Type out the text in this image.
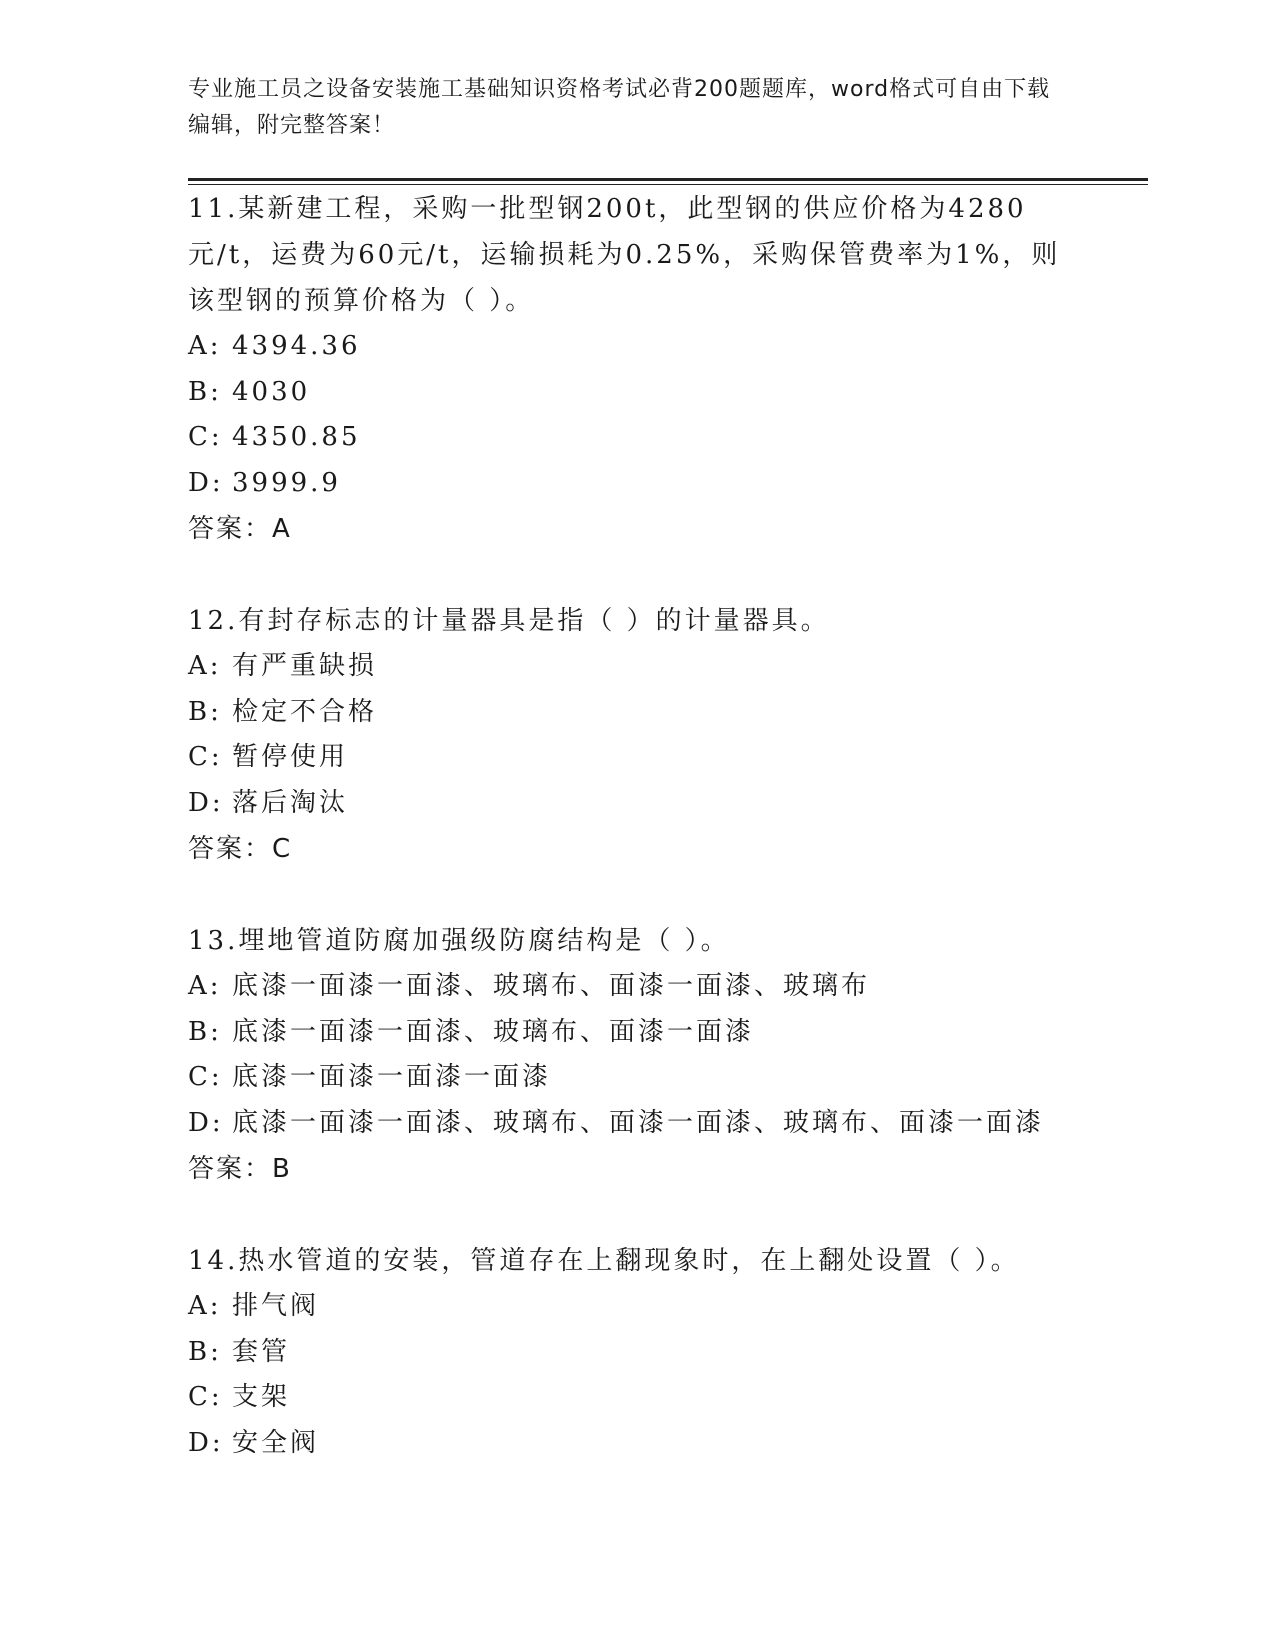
专业施工员之设备安装施工基础知识资格考试必背200题题库，word格式可自由下载编辑，附完整答案！
11.某新建工程，采购一批型钢200t，此型钢的供应价格为4280元/t，运费为60元/t，运输损耗为0.25%，采购保管费率为1%，则该型钢的预算价格为（ ）。
A: 4394.36
B: 4030
C: 4350.85
D: 3999.9
答案：A
12.有封存标志的计量器具是指（ ）的计量器具。
A: 有严重缺损
B: 检定不合格
C: 暂停使用
D: 落后淘汰
答案：C
13.埋地管道防腐加强级防腐结构是（ ）。
A: 底漆一面漆一面漆、玻璃布、面漆一面漆、玻璃布
B: 底漆一面漆一面漆、玻璃布、面漆一面漆
C: 底漆一面漆一面漆一面漆
D: 底漆一面漆一面漆、玻璃布、面漆一面漆、玻璃布、面漆一面漆
答案：B
14.热水管道的安装，管道存在上翻现象时，在上翻处设置（ ）。
A: 排气阀
B: 套管
C: 支架
D: 安全阀
